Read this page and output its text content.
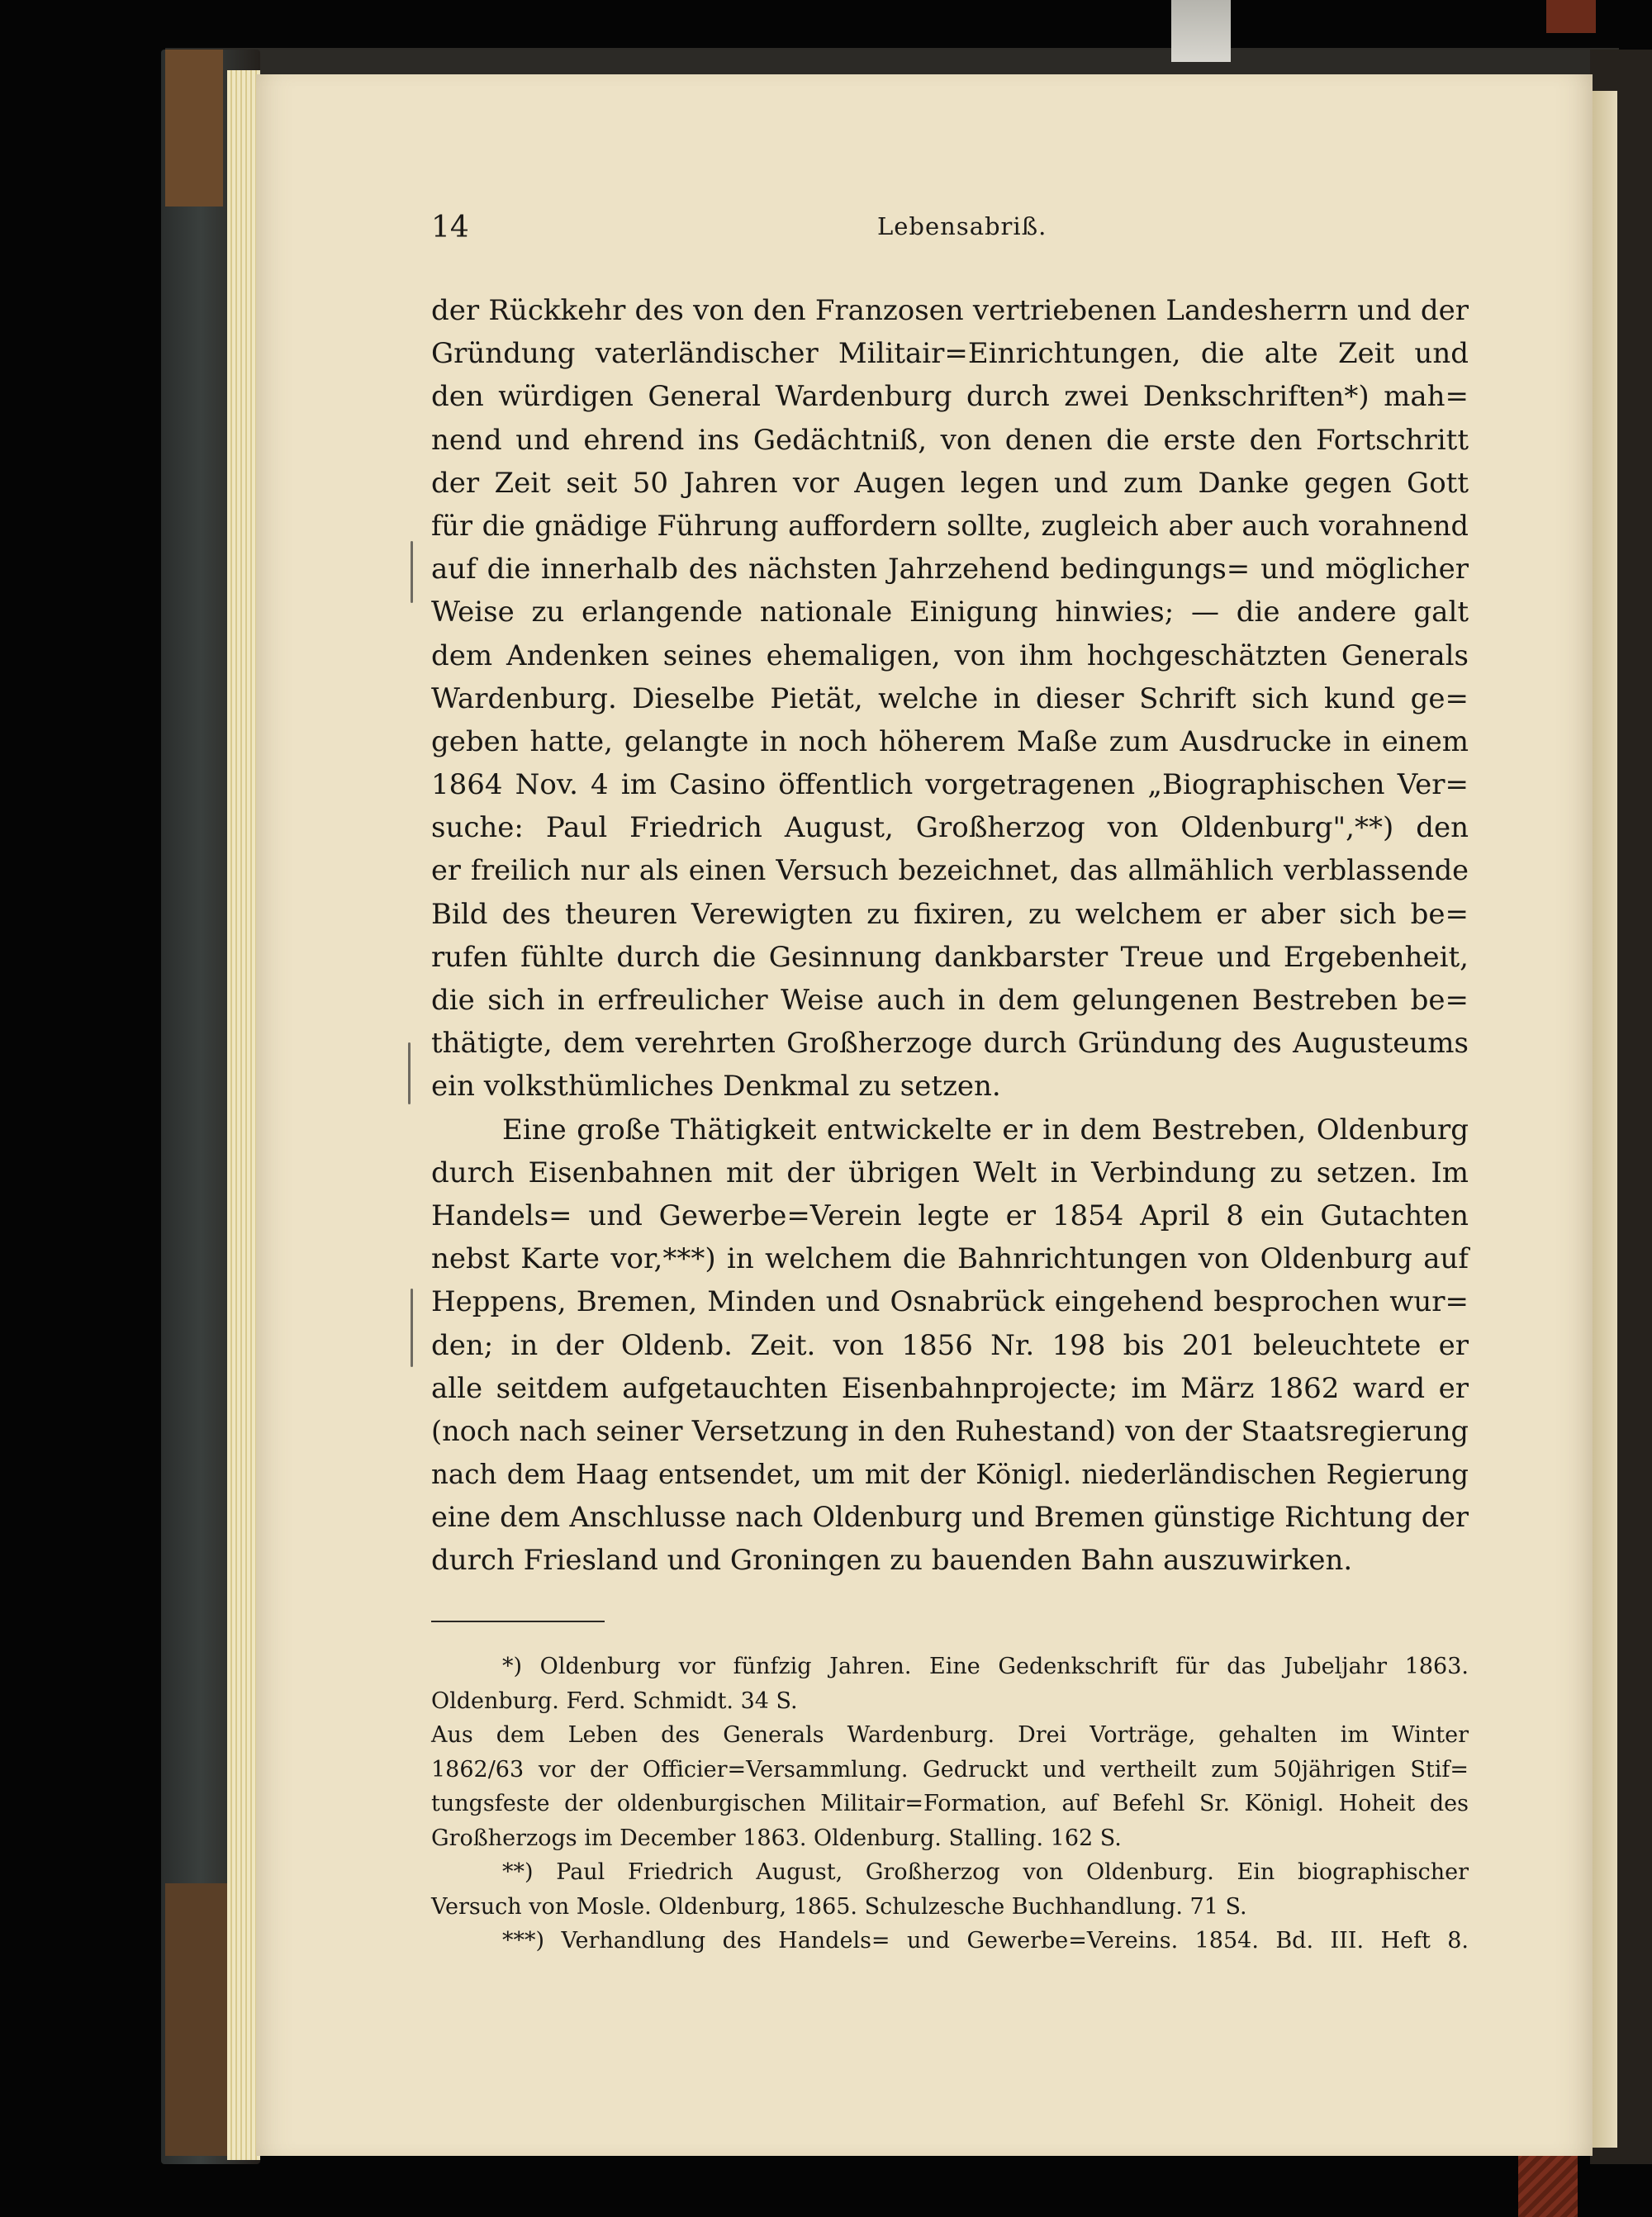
14	Lebensabriß.
der Rückkehr des von den Franzosen vertriebenen Landesherrn und der
Gründung vaterländischer Militair=Einrichtungen, die alte Zeit und
den würdigen General Wardenburg durch zwei Denkschriften*) mah=
nend und ehrend ins Gedächtniß, von denen die erste den Fortschritt
der Zeit seit 50 Jahren vor Augen legen und zum Danke gegen Gott
für die gnädige Führung auffordern sollte, zugleich aber auch vorahnend
auf die innerhalb des nächsten Jahrzehend bedingungs= und möglicher
Weise zu erlangende nationale Einigung hinwies; — die andere galt
dem Andenken seines ehemaligen, von ihm hochgeschätzten Generals
Wardenburg. Dieselbe Pietät, welche in dieser Schrift sich kund ge=
geben hatte, gelangte in noch höherem Maße zum Ausdrucke in einem
1864 Nov. 4 im Casino öffentlich vorgetragenen „Biographischen Ver=
suche: Paul Friedrich August, Großherzog von Oldenburg",**) den
er freilich nur als einen Versuch bezeichnet, das allmählich verblassende
Bild des theuren Verewigten zu fixiren, zu welchem er aber sich be=
rufen fühlte durch die Gesinnung dankbarster Treue und Ergebenheit,
die sich in erfreulicher Weise auch in dem gelungenen Bestreben be=
thätigte, dem verehrten Großherzoge durch Gründung des Augusteums
ein volksthümliches Denkmal zu setzen.
Eine große Thätigkeit entwickelte er in dem Bestreben, Oldenburg
durch Eisenbahnen mit der übrigen Welt in Verbindung zu setzen. Im
Handels= und Gewerbe=Verein legte er 1854 April 8 ein Gutachten
nebst Karte vor,***) in welchem die Bahnrichtungen von Oldenburg auf
Heppens, Bremen, Minden und Osnabrück eingehend besprochen wur=
den; in der Oldenb. Zeit. von 1856 Nr. 198 bis 201 beleuchtete er
alle seitdem aufgetauchten Eisenbahnprojecte; im März 1862 ward er
(noch nach seiner Versetzung in den Ruhestand) von der Staatsregierung
nach dem Haag entsendet, um mit der Königl. niederländischen Regierung
eine dem Anschlusse nach Oldenburg und Bremen günstige Richtung der
durch Friesland und Groningen zu bauenden Bahn auszuwirken.
*) Oldenburg vor fünfzig Jahren. Eine Gedenkschrift für das Jubeljahr 1863.
Oldenburg. Ferd. Schmidt. 34 S.
Aus dem Leben des Generals Wardenburg. Drei Vorträge, gehalten im Winter
1862/63 vor der Officier=Versammlung. Gedruckt und vertheilt zum 50jährigen Stif=
tungsfeste der oldenburgischen Militair=Formation, auf Befehl Sr. Königl. Hoheit des
Großherzogs im December 1863. Oldenburg. Stalling. 162 S.
**) Paul Friedrich August, Großherzog von Oldenburg. Ein biographischer
Versuch von Mosle. Oldenburg, 1865. Schulzesche Buchhandlung. 71 S.
***) Verhandlung des Handels= und Gewerbe=Vereins. 1854. Bd. III. Heft 8.
